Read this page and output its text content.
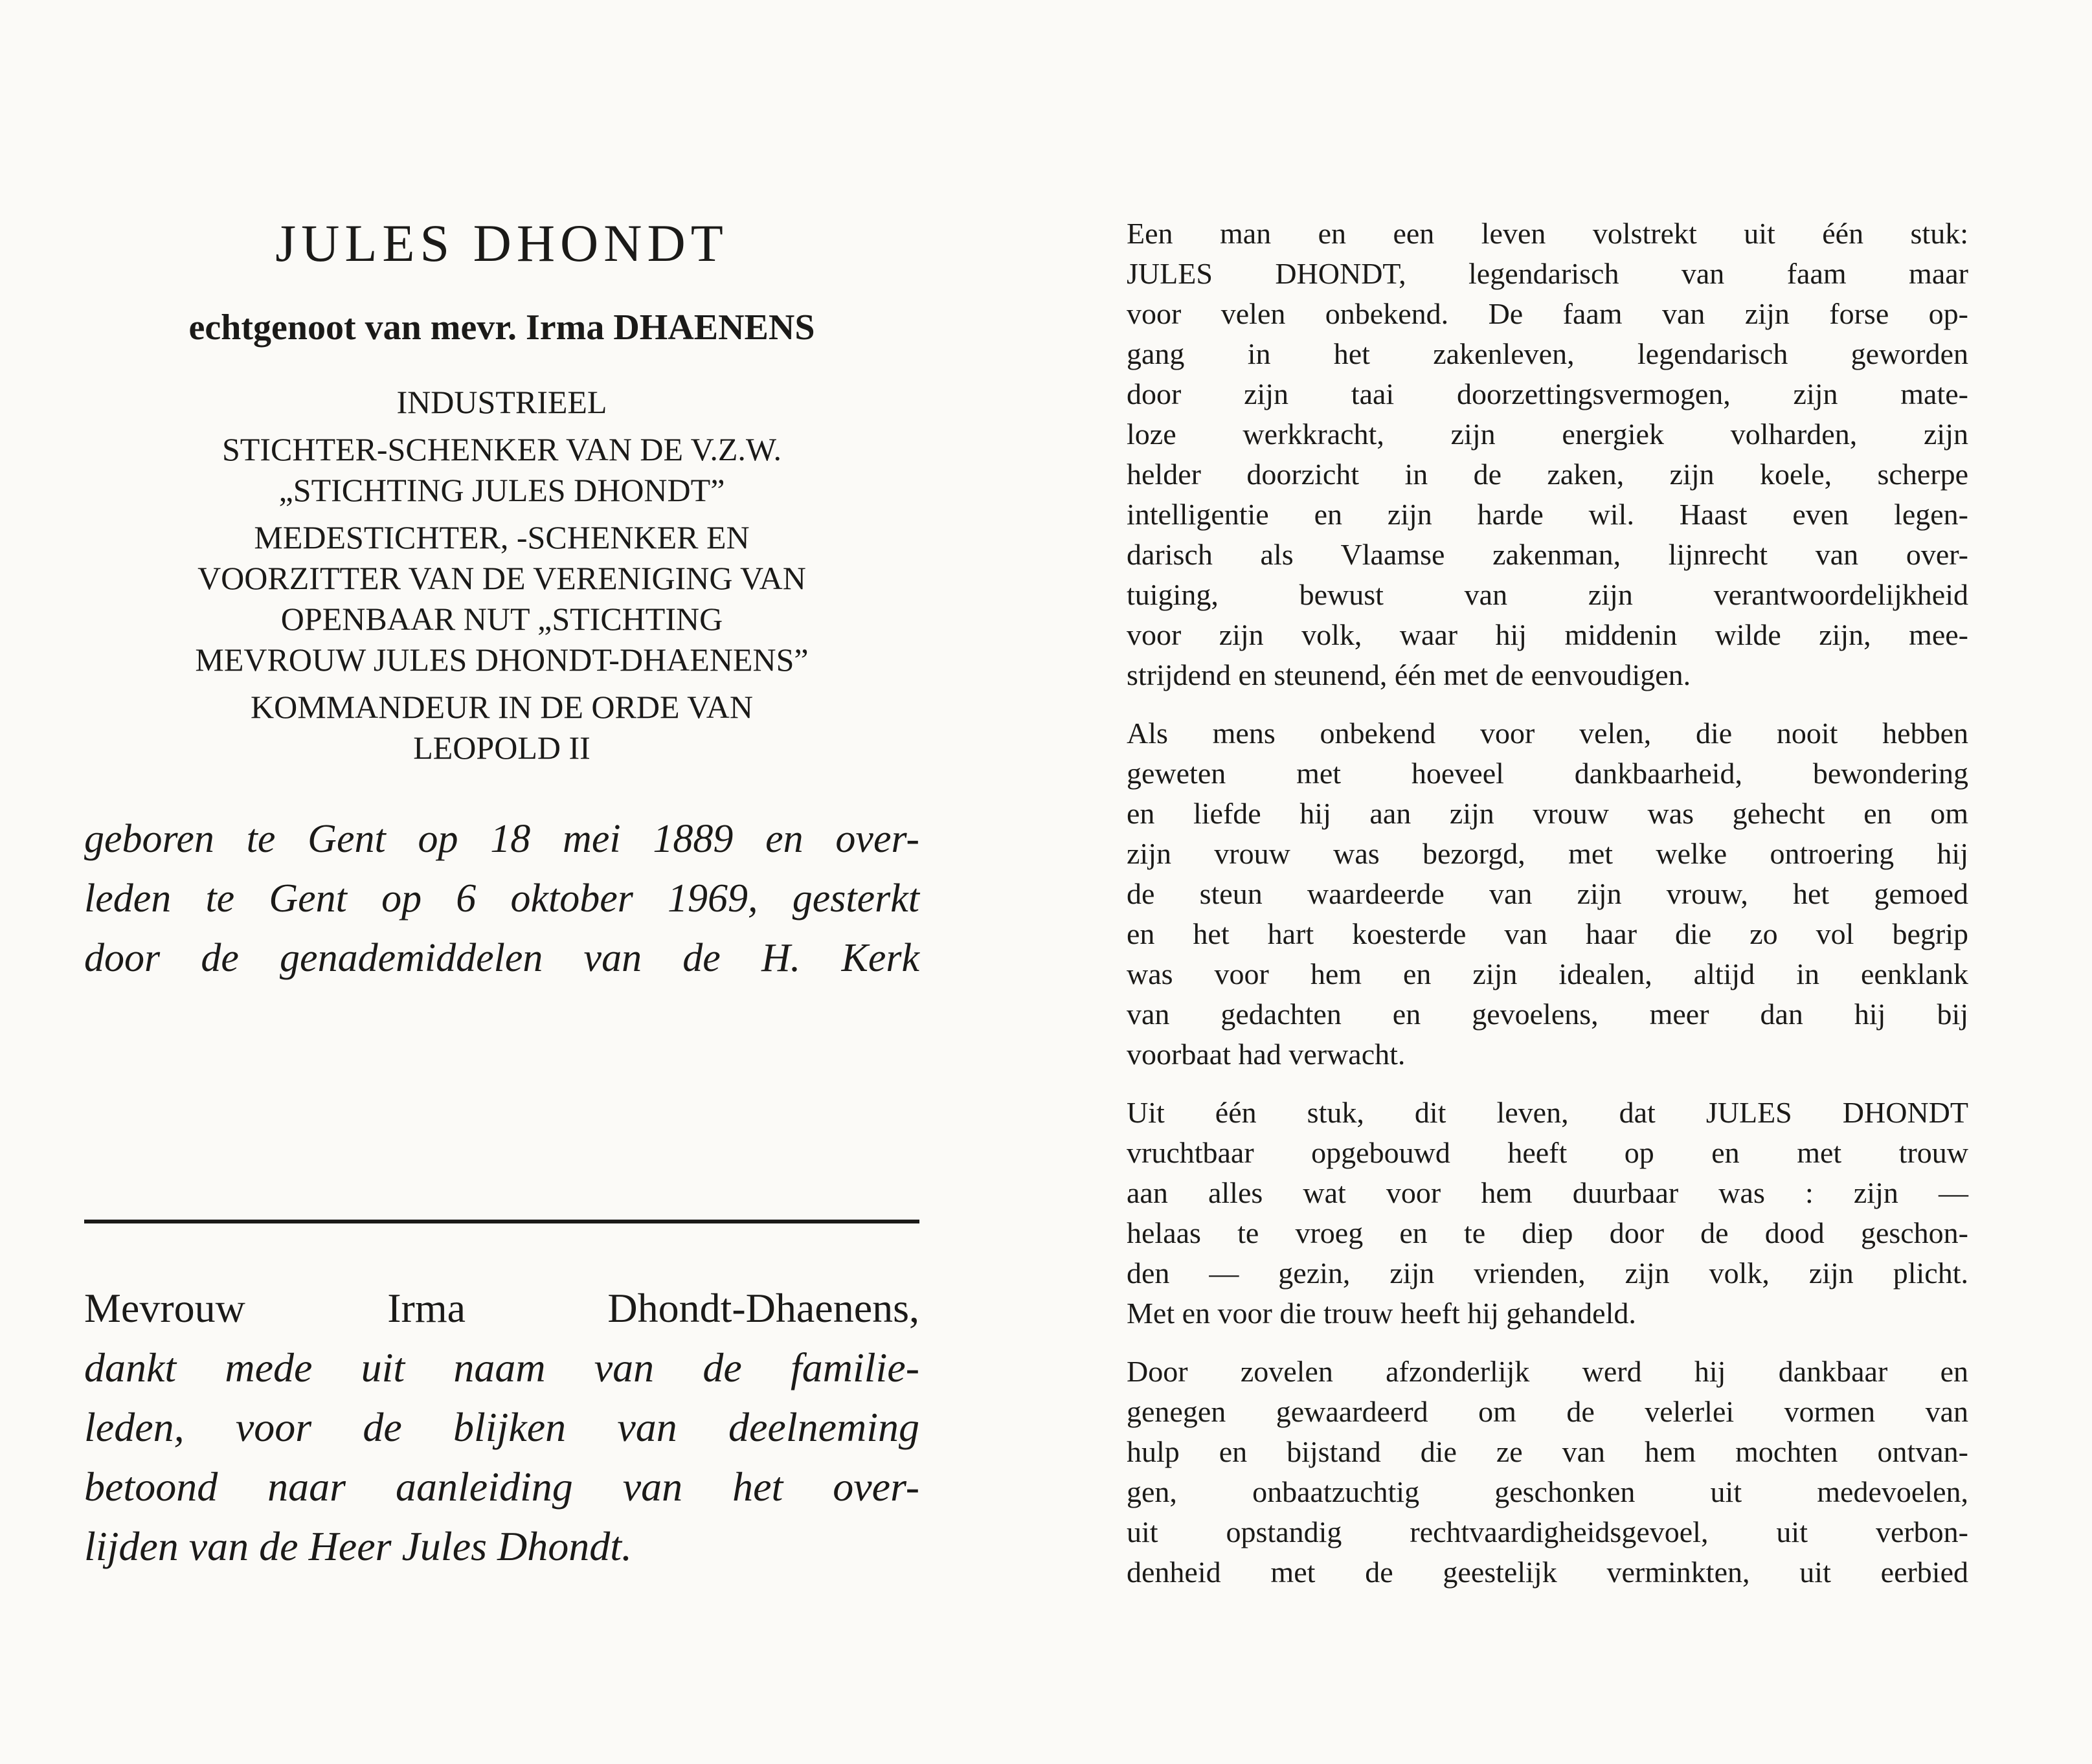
JULES DHONDT
echtgenoot van mevr. Irma DHAENENS
INDUSTRIEEL
STICHTER-SCHENKER VAN DE V.Z.W.
„STICHTING JULES DHONDT”
MEDESTICHTER, -SCHENKER EN
VOORZITTER VAN DE VERENIGING VAN
OPENBAAR NUT „STICHTING
MEVROUW JULES DHONDT-DHAENENS”
KOMMANDEUR IN DE ORDE VAN
LEOPOLD II
geboren te Gent op 18 mei 1889 en over-
leden te Gent op 6 oktober 1969, gesterkt
door de genademiddelen van de H. Kerk
Mevrouw Irma Dhondt-Dhaenens,
dankt mede uit naam van de familie-
leden, voor de blijken van deelneming
betoond naar aanleiding van het over-
lijden van de Heer Jules Dhondt.

Een man en een leven volstrekt uit één stuk:
JULES DHONDT, legendarisch van faam maar
voor velen onbekend. De faam van zijn forse op-
gang in het zakenleven, legendarisch geworden
door zijn taai doorzettingsvermogen, zijn mate-
loze werkkracht, zijn energiek volharden, zijn
helder doorzicht in de zaken, zijn koele, scherpe
intelligentie en zijn harde wil. Haast even legen-
darisch als Vlaamse zakenman, lijnrecht van over-
tuiging, bewust van zijn verantwoordelijkheid
voor zijn volk, waar hij middenin wilde zijn, mee-
strijdend en steunend, één met de eenvoudigen.

Als mens onbekend voor velen, die nooit hebben
geweten met hoeveel dankbaarheid, bewondering
en liefde hij aan zijn vrouw was gehecht en om
zijn vrouw was bezorgd, met welke ontroering hij
de steun waardeerde van zijn vrouw, het gemoed
en het hart koesterde van haar die zo vol begrip
was voor hem en zijn idealen, altijd in eenklank
van gedachten en gevoelens, meer dan hij bij
voorbaat had verwacht.

Uit één stuk, dit leven, dat JULES DHONDT
vruchtbaar opgebouwd heeft op en met trouw
aan alles wat voor hem duurbaar was : zijn —
helaas te vroeg en te diep door de dood geschon-
den — gezin, zijn vrienden, zijn volk, zijn plicht.
Met en voor die trouw heeft hij gehandeld.

Door zovelen afzonderlijk werd hij dankbaar en
genegen gewaardeerd om de velerlei vormen van
hulp en bijstand die ze van hem mochten ontvan-
gen, onbaatzuchtig geschonken uit medevoelen,
uit opstandig rechtvaardigheidsgevoel, uit verbon-
denheid met de geestelijk verminkten, uit eerbied
